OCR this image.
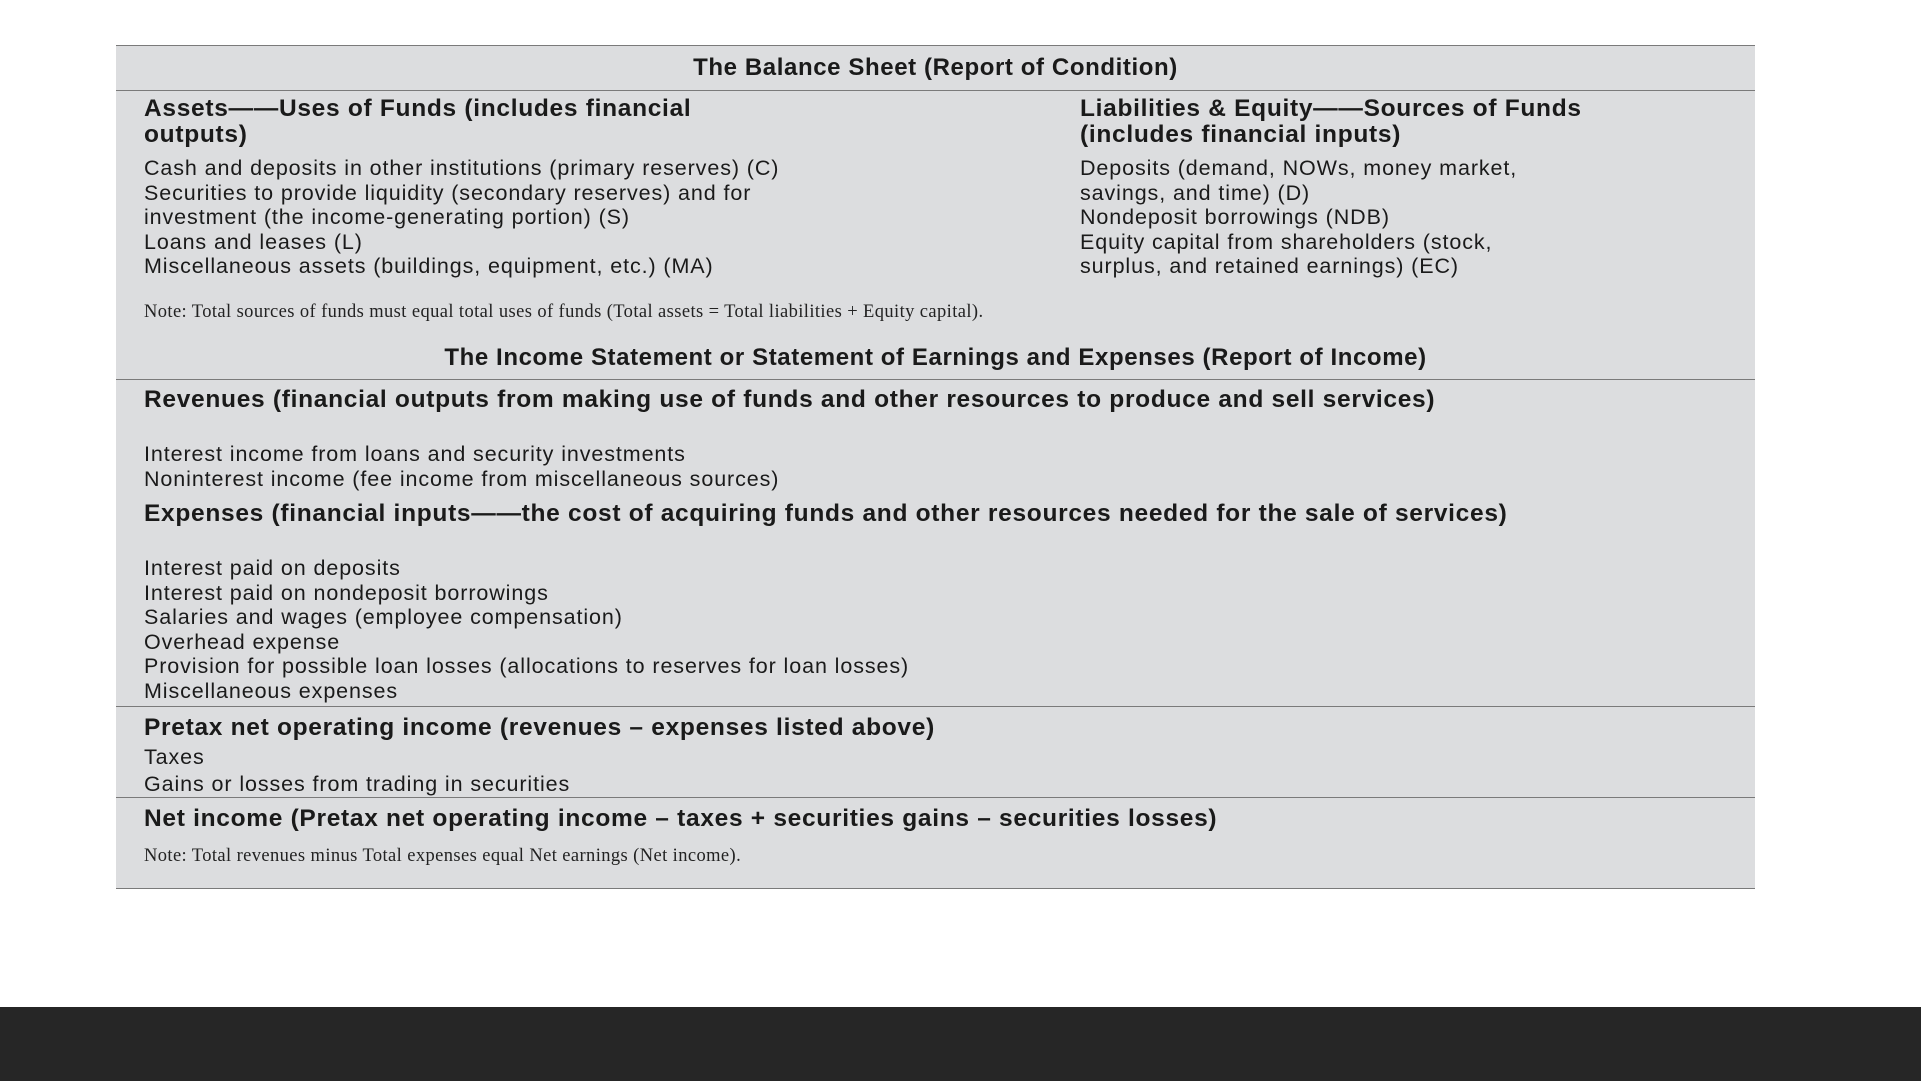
The Balance Sheet (Report of Condition)
Assets——Uses of Funds (includes financial outputs)
Cash and deposits in other institutions (primary reserves) (C)
Securities to provide liquidity (secondary reserves) and for
investment (the income-generating portion) (S)
Loans and leases (L)
Miscellaneous assets (buildings, equipment, etc.) (MA)
Liabilities & Equity——Sources of Funds (includes financial inputs)
Deposits (demand, NOWs, money market,
savings, and time) (D)
Nondeposit borrowings (NDB)
Equity capital from shareholders (stock,
surplus, and retained earnings) (EC)
Note: Total sources of funds must equal total uses of funds (Total assets = Total liabilities + Equity capital).
The Income Statement or Statement of Earnings and Expenses (Report of Income)
Revenues (financial outputs from making use of funds and other resources to produce and sell services)
Interest income from loans and security investments
Noninterest income (fee income from miscellaneous sources)
Expenses (financial inputs——the cost of acquiring funds and other resources needed for the sale of services)
Interest paid on deposits
Interest paid on nondeposit borrowings
Salaries and wages (employee compensation)
Overhead expense
Provision for possible loan losses (allocations to reserves for loan losses)
Miscellaneous expenses
Pretax net operating income (revenues – expenses listed above)
Taxes
Gains or losses from trading in securities
Net income (Pretax net operating income – taxes + securities gains – securities losses)
Note: Total revenues minus Total expenses equal Net earnings (Net income).
